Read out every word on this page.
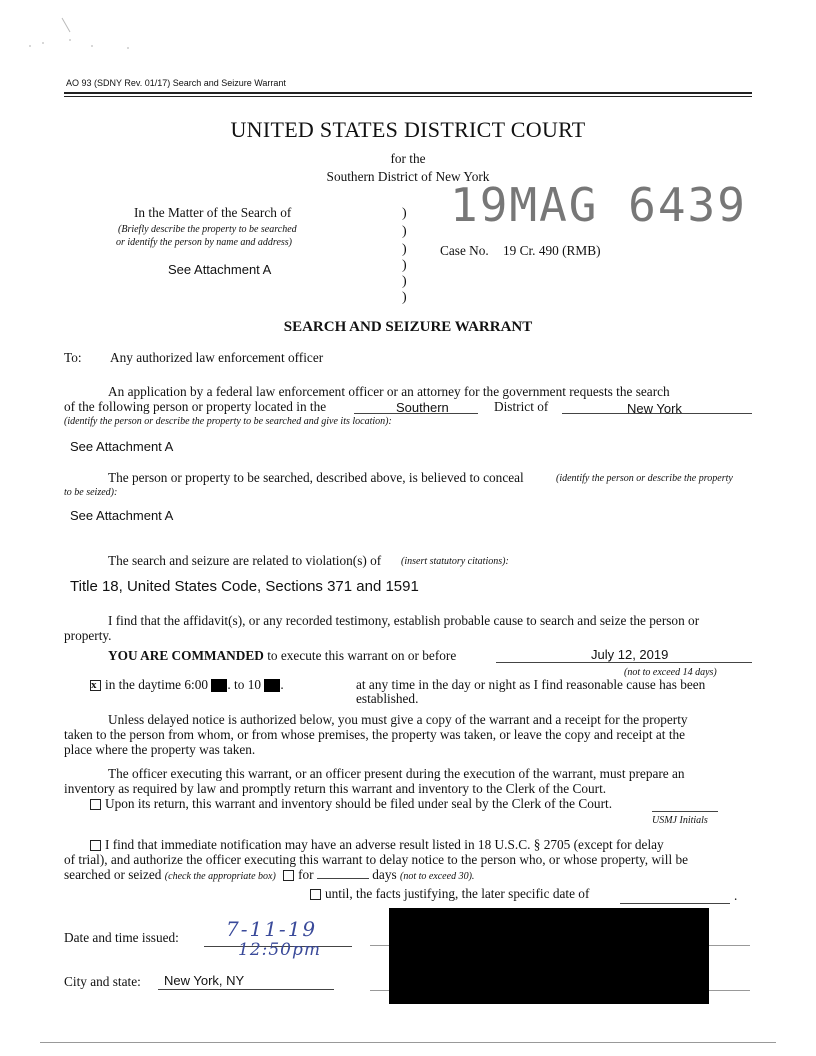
AO 93 (SDNY Rev. 01/17) Search and Seizure Warrant
UNITED STATES DISTRICT COURT
for the
Southern District of New York
19MAG 6439
In the Matter of the Search of
(Briefly describe the property to be searched
or identify the person by name and address)
See Attachment A
)
)
)
)
)
)
Case No. 19 Cr. 490 (RMB)
SEARCH AND SEIZURE WARRANT
To: Any authorized law enforcement officer
An application by a federal law enforcement officer or an attorney for the government requests the search
of the following person or property located in the	Southern	District of	New York
(identify the person or describe the property to be searched and give its location):
See Attachment A
The person or property to be searched, described above, is believed to conceal	(identify the person or describe the property
to be seized):
See Attachment A
The search and seizure are related to violation(s) of (insert statutory citations):
Title 18, United States Code, Sections 371 and 1591
I find that the affidavit(s), or any recorded testimony, establish probable cause to search and seize the person or
property.
YOU ARE COMMANDED to execute this warrant on or before	July 12, 2019
(not to exceed 14 days)
x in the daytime 6:00 . to 10 .	at any time in the day or night as I find reasonable cause has been
established.
Unless delayed notice is authorized below, you must give a copy of the warrant and a receipt for the property
taken to the person from whom, or from whose premises, the property was taken, or leave the copy and receipt at the
place where the property was taken.
The officer executing this warrant, or an officer present during the execution of the warrant, must prepare an
inventory as required by law and promptly return this warrant and inventory to the Clerk of the Court.
Upon its return, this warrant and inventory should be filed under seal by the Clerk of the Court.
USMJ Initials
I find that immediate notification may have an adverse result listed in 18 U.S.C. § 2705 (except for delay
of trial), and authorize the officer executing this warrant to delay notice to the person who, or whose property, will be
searched or seized (check the appropriate box) for	days (not to exceed 30).
until, the facts justifying, the later specific date of	.
Date and time issued: 7-11-19
12:50pm
City and state: New York, NY
